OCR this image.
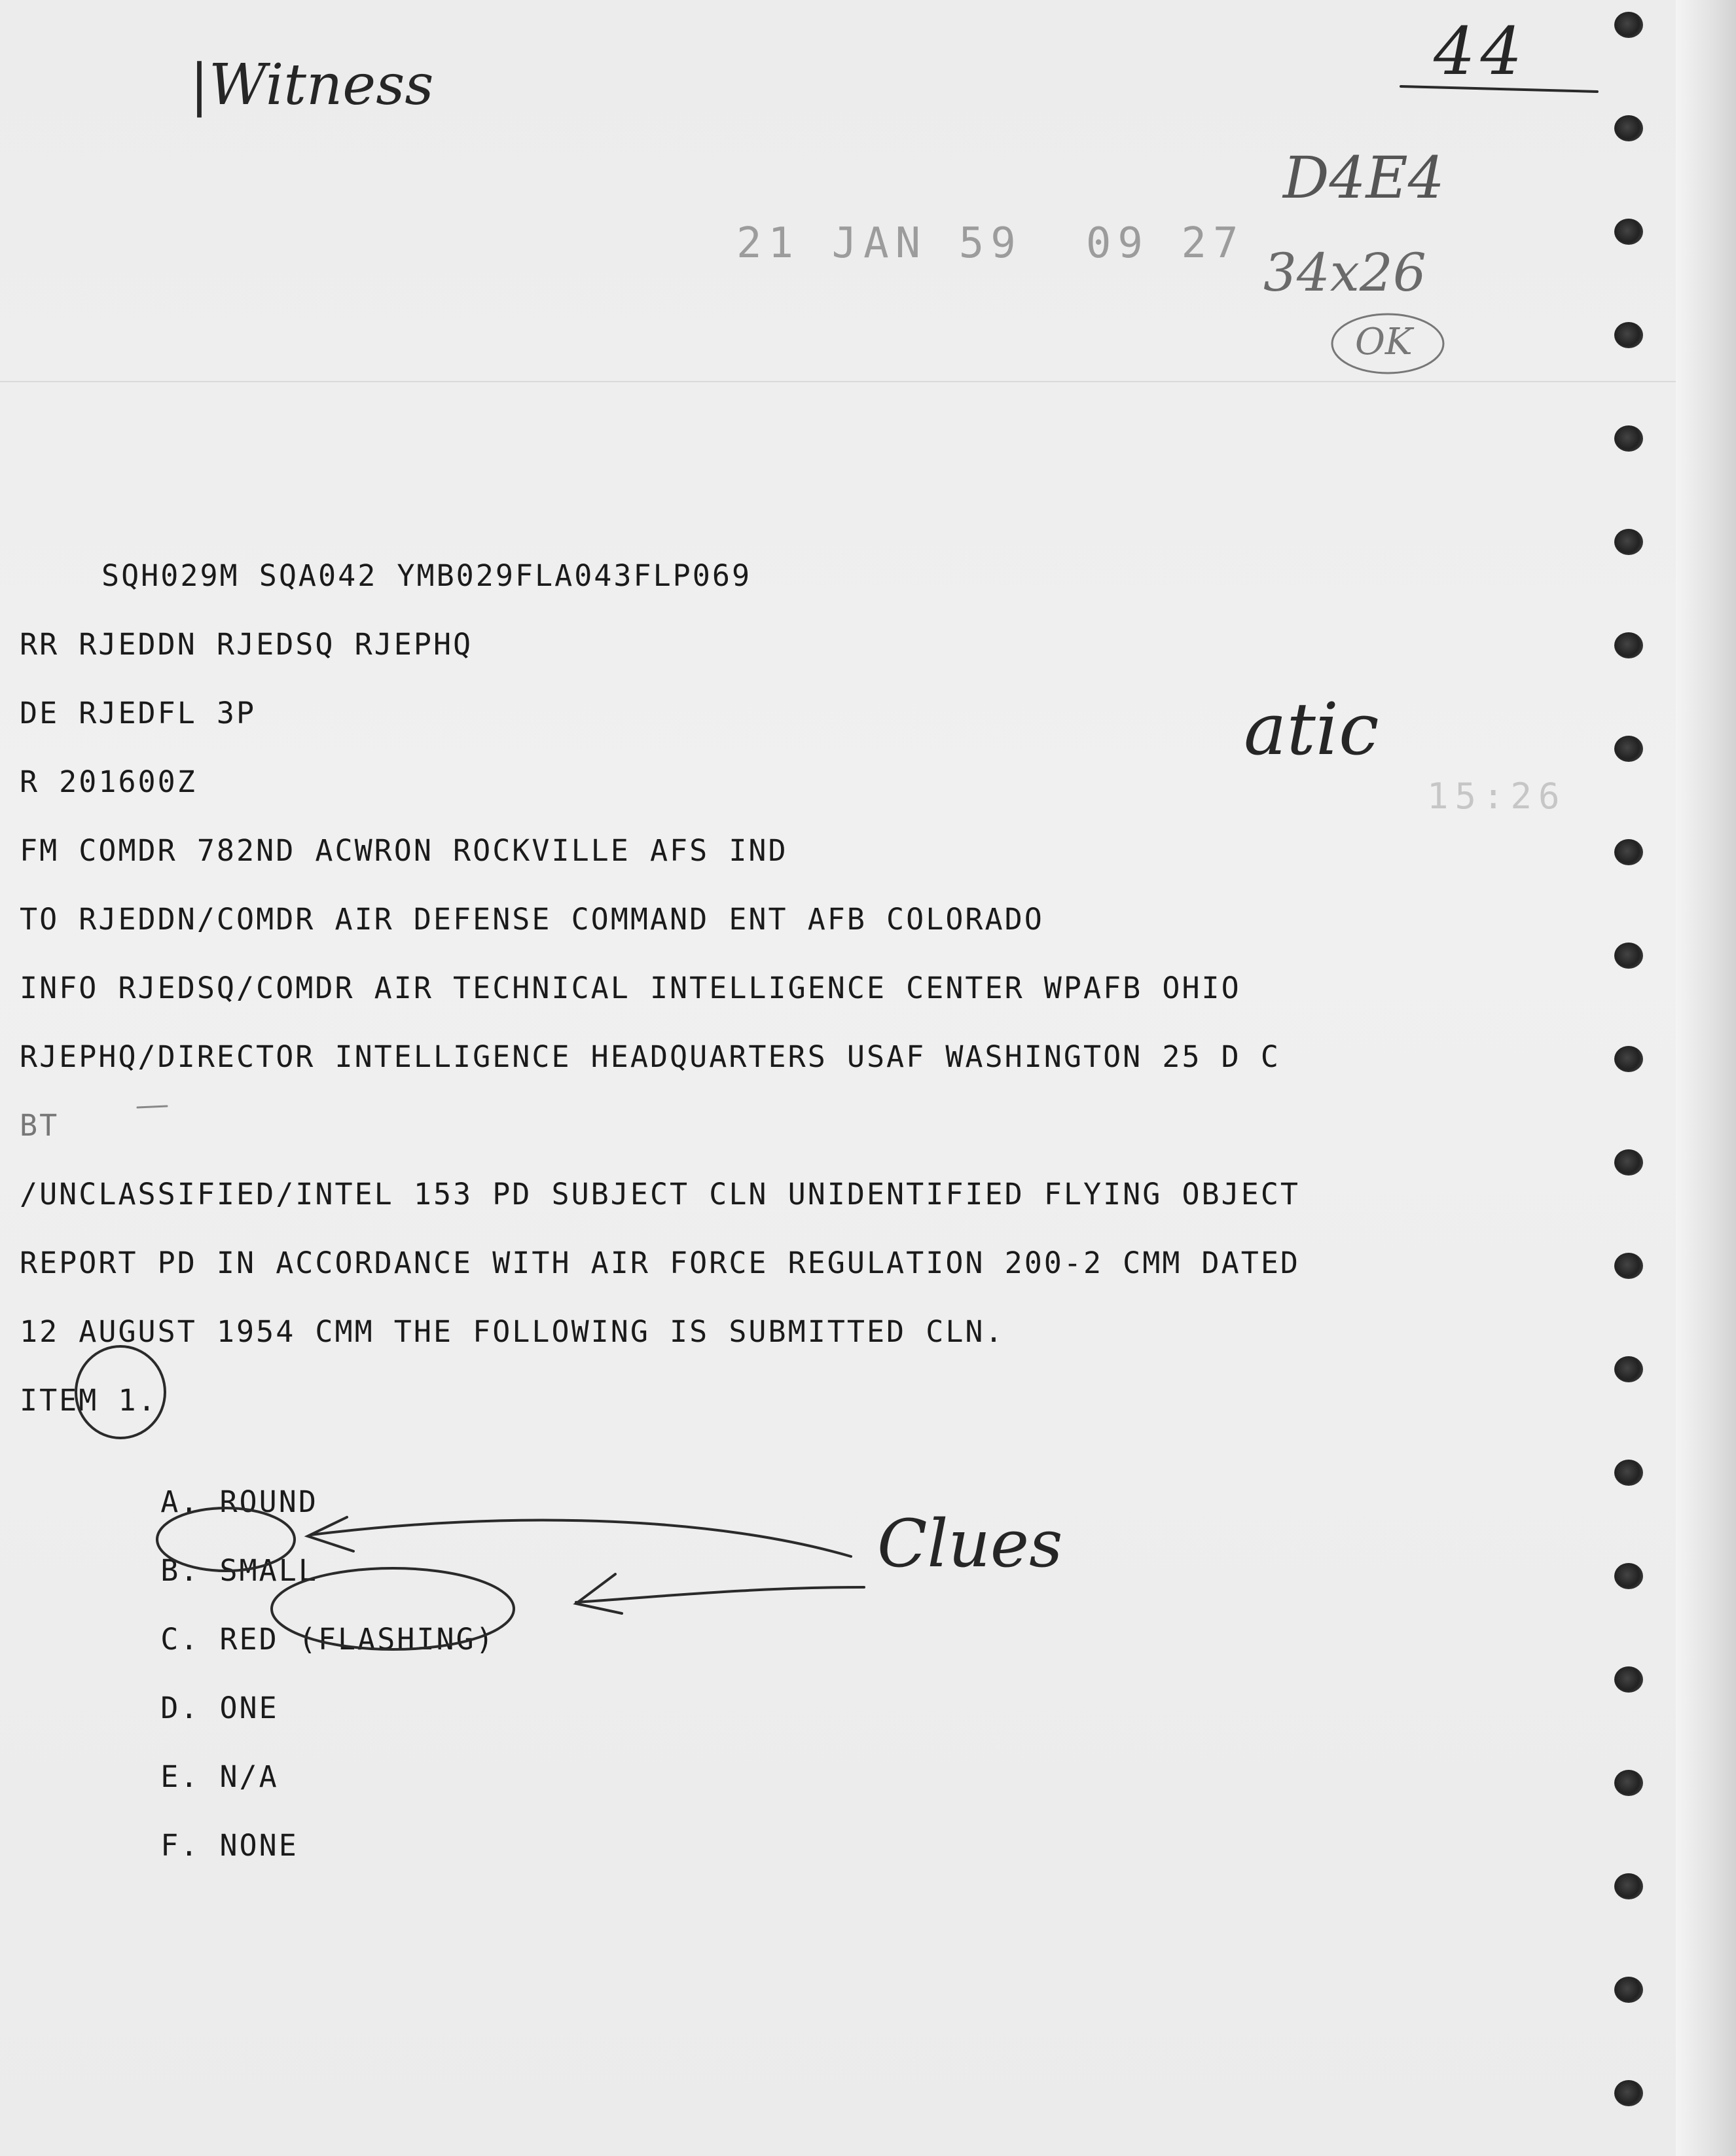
|Witness	44
D4E4
34x26
OK
atic
Clues
21 JAN 59  09 27
15:26
SQH029M SQA042 YMB029FLA043FLP069
RR RJEDDN RJEDSQ RJEPHQ
DE RJEDFL 3P
R 201600Z
FM COMDR 782ND ACWRON ROCKVILLE AFS IND
TO RJEDDN/COMDR AIR DEFENSE COMMAND ENT AFB COLORADO
INFO RJEDSQ/COMDR AIR TECHNICAL INTELLIGENCE CENTER WPAFB OHIO
RJEPHQ/DIRECTOR INTELLIGENCE HEADQUARTERS USAF WASHINGTON 25 D C
BT
/UNCLASSIFIED/INTEL 153 PD SUBJECT CLN UNIDENTIFIED FLYING OBJECT
REPORT PD IN ACCORDANCE WITH AIR FORCE REGULATION 200-2 CMM DATED
12 AUGUST 1954 CMM THE FOLLOWING IS SUBMITTED CLN.
ITEM 1.

A. ROUND

B. SMALL

C. RED (FLASHING)

D. ONE

E. N/A

F. NONE
